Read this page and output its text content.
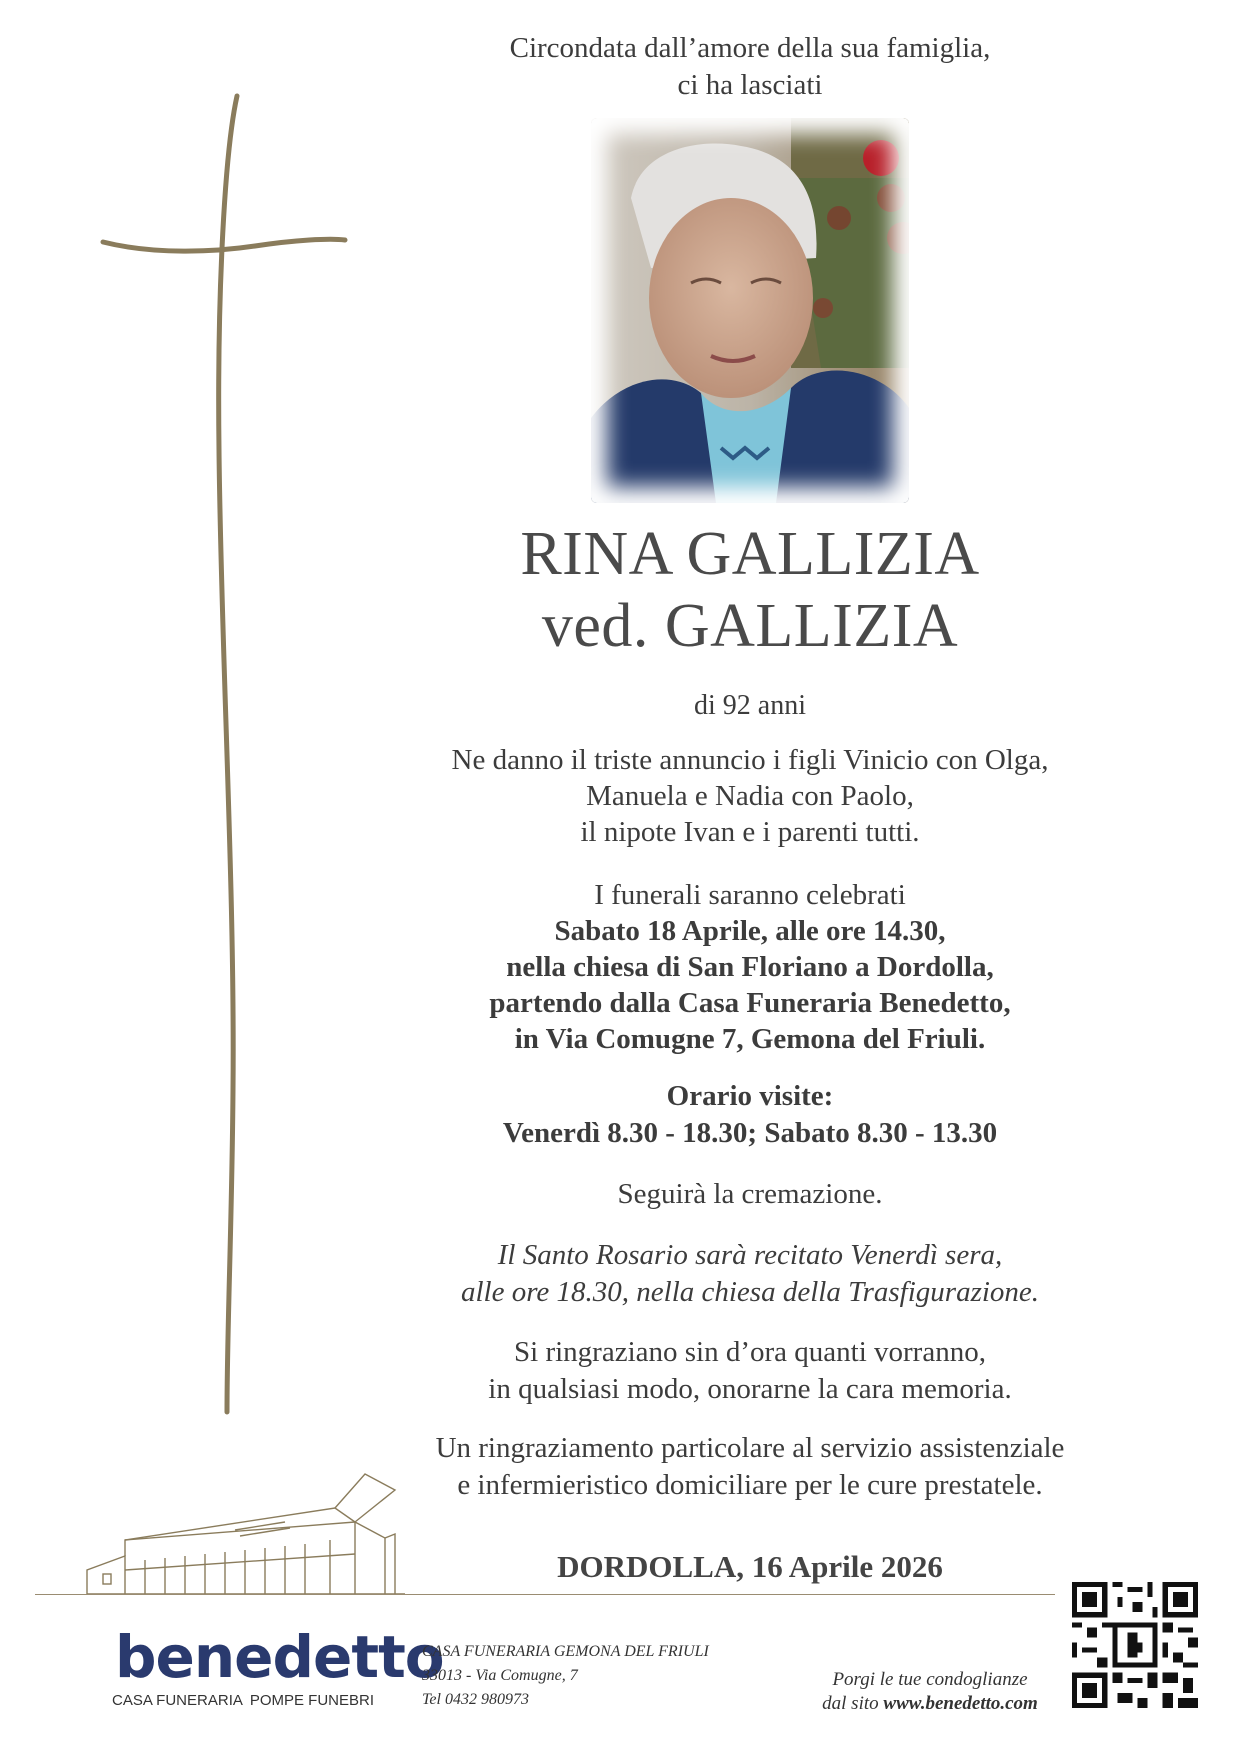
Circondata dall’amore della sua famiglia,
ci ha lasciati
RINA GALLIZIA
ved. GALLIZIA
di 92 anni
Ne danno il triste annuncio i figli Vinicio con Olga,
Manuela e Nadia con Paolo,
il nipote Ivan e i parenti tutti.
I funerali saranno celebrati
Sabato 18 Aprile, alle ore 14.30,
nella chiesa di San Floriano a Dordolla,
partendo dalla Casa Funeraria Benedetto,
in Via Comugne 7, Gemona del Friuli.
Orario visite:
Venerdì 8.30 - 18.30; Sabato 8.30 - 13.30
Seguirà la cremazione.
Il Santo Rosario sarà recitato Venerdì sera,
alle ore 18.30, nella chiesa della Trasfigurazione.
Si ringraziano sin d’ora quanti vorranno,
in qualsiasi modo, onorarne la cara memoria.
Un ringraziamento particolare al servizio assistenziale
e infermieristico domiciliare per le cure prestatele.
DORDOLLA, 16 Aprile 2026
benedetto
CASA FUNERARIA POMPE FUNEBRI
CASA FUNERARIA GEMONA DEL FRIULI
33013 - Via Comugne, 7
Tel 0432 980973
Porgi le tue condoglianze
dal sito www.benedetto.com
